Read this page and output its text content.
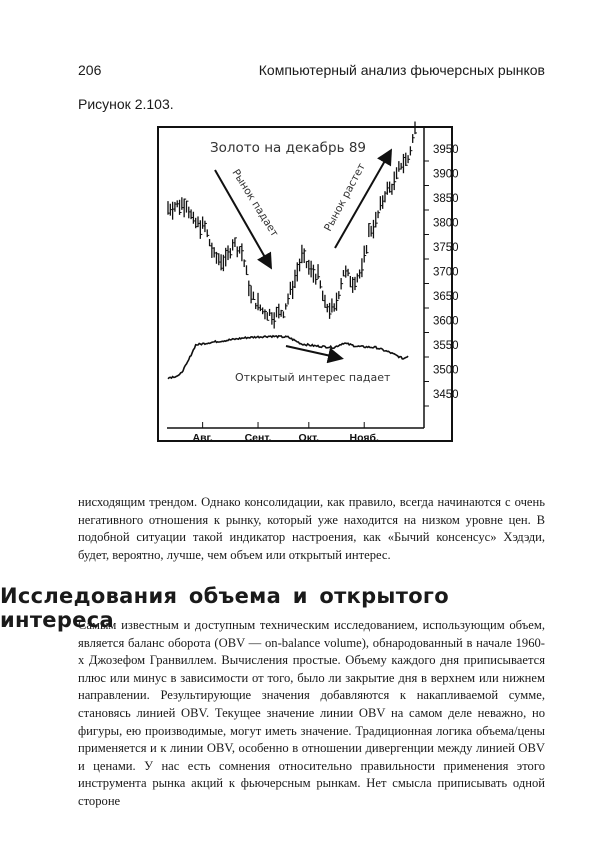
206	Компьютерный анализ фьючерсных рынков
Рисунок 2.103.
3950
3900
3850
3800
3750
3700
3650
3600
3550
3500
3450
Авг.	Сент.	Окт.	Нояб.
Золото на декабрь 89
Рынок падает	Рынок растет
Открытый интерес падает
нисходящим трендом. Однако консолидации, как правило, всегда начинаются с очень негативного отношения к рынку, который уже находится на низком уровне цен. В подобной ситуации такой индикатор настроения, как «Бычий консенсус» Хэдэди, будет, вероятно, лучше, чем объем или открытый интерес.
Исследования объема и открытого интереса
Самым известным и доступным техническим исследованием, использующим объем, является баланс оборота (OBV — on-balance volume), обнародованный в начале 1960-х Джозефом Гранвиллем. Вычисления простые. Объему каждого дня приписывается плюс или минус в зависимости от того, было ли закрытие дня в верхнем или нижнем направлении. Результирующие значения добавляются к накапливаемой сумме, становясь линией OBV. Текущее значение линии OBV на самом деле неважно, но фигуры, ею производимые, могут иметь значение. Традиционная логика объема/цены применяется и к линии OBV, особенно в отношении дивергенции между линией OBV и ценами. У нас есть сомнения относительно правильности применения этого инструмента рынка акций к фьючерсным рынкам. Нет смысла приписывать одной стороне
